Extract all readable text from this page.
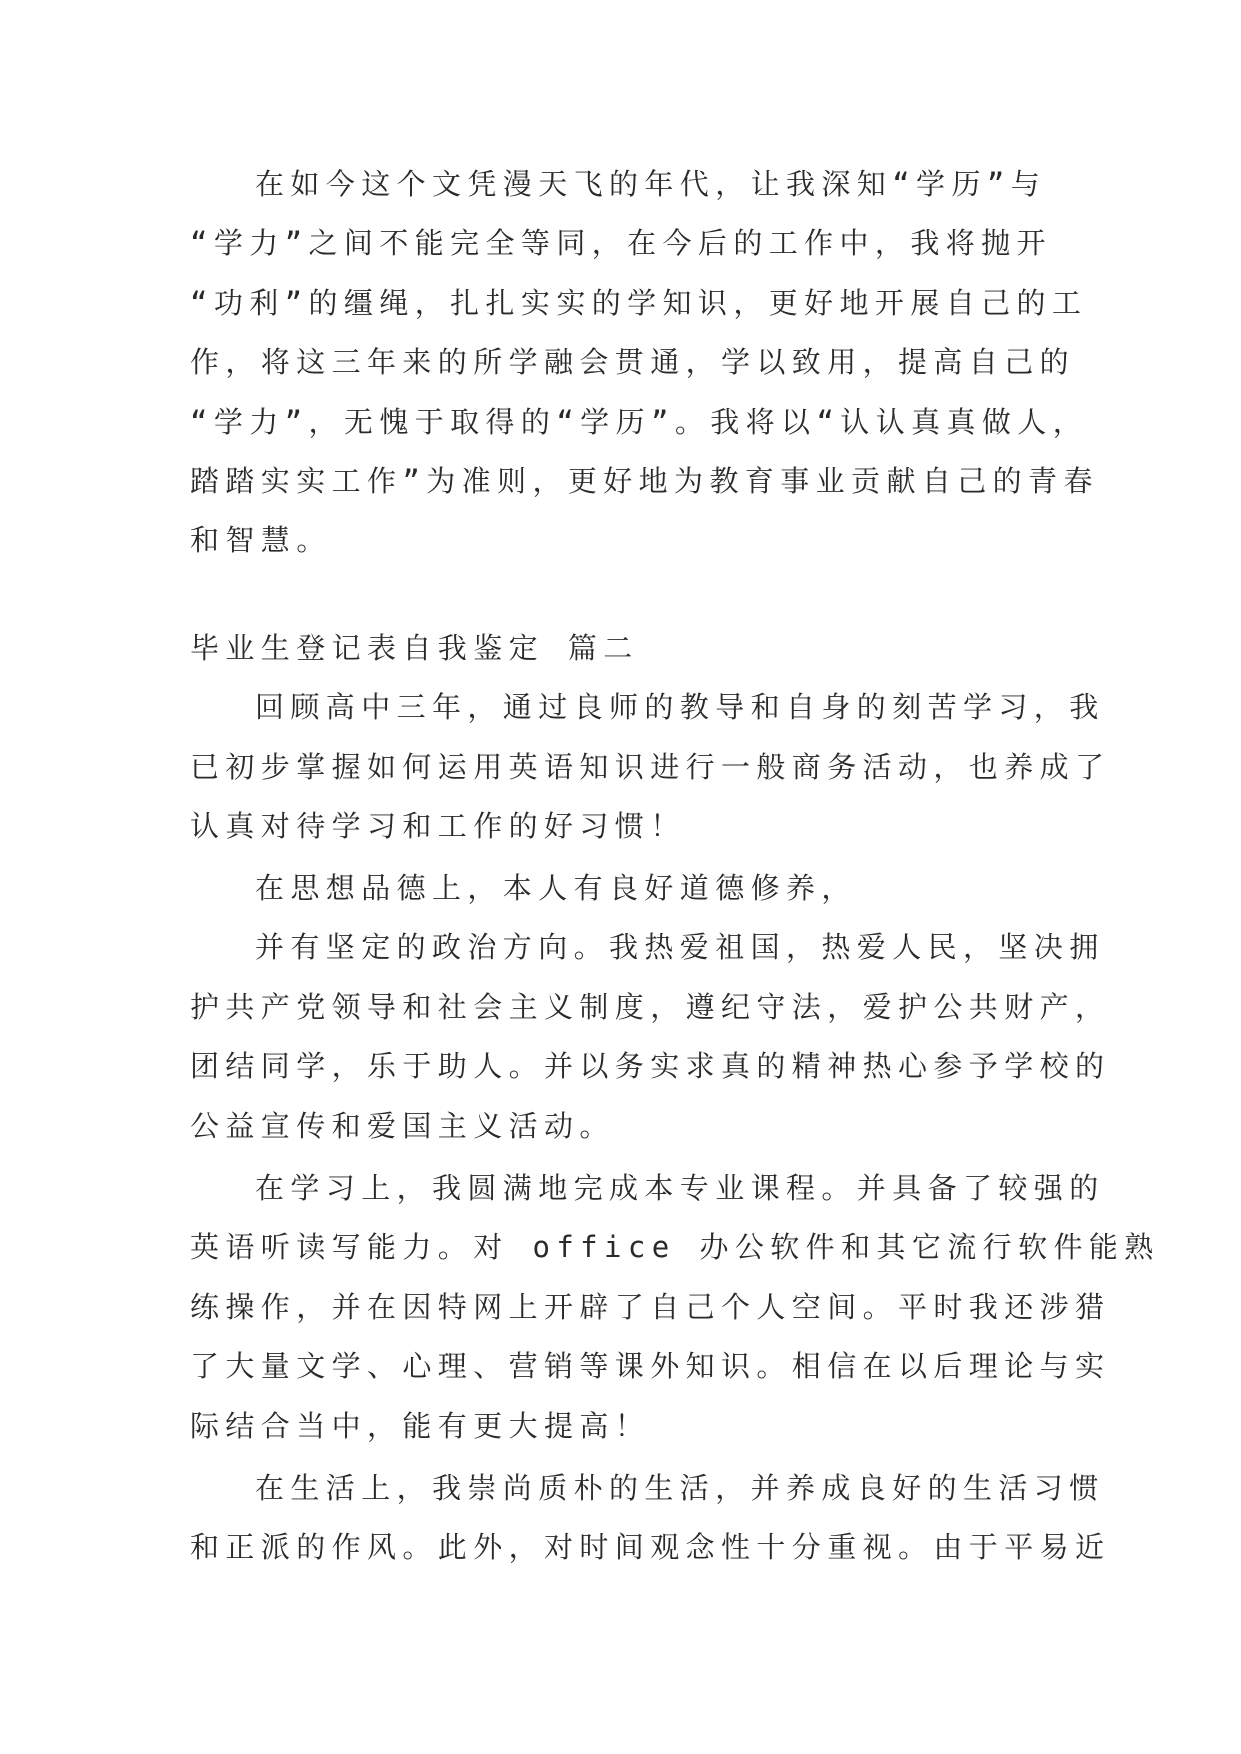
在如今这个文凭漫天飞的年代，让我深知“学历”与

“学力”之间不能完全等同，在今后的工作中，我将抛开

“功利”的缰绳，扎扎实实的学知识，更好地开展自己的工

作，将这三年来的所学融会贯通，学以致用，提高自己的

“学力”，无愧于取得的“学历”。我将以“认认真真做人，

踏踏实实工作”为准则，更好地为教育事业贡献自己的青春

和智慧。

毕业生登记表自我鉴定 篇二

回顾高中三年，通过良师的教导和自身的刻苦学习，我

已初步掌握如何运用英语知识进行一般商务活动，也养成了

认真对待学习和工作的好习惯！

在思想品德上，本人有良好道德修养，

并有坚定的政治方向。我热爱祖国，热爱人民，坚决拥

护共产党领导和社会主义制度，遵纪守法，爱护公共财产，

团结同学，乐于助人。并以务实求真的精神热心参予学校的

公益宣传和爱国主义活动。

在学习上，我圆满地完成本专业课程。并具备了较强的

英语听读写能力。对 office 办公软件和其它流行软件能熟

练操作，并在因特网上开辟了自己个人空间。平时我还涉猎

了大量文学、心理、营销等课外知识。相信在以后理论与实

际结合当中，能有更大提高！

在生活上，我崇尚质朴的生活，并养成良好的生活习惯

和正派的作风。此外，对时间观念性十分重视。由于平易近
